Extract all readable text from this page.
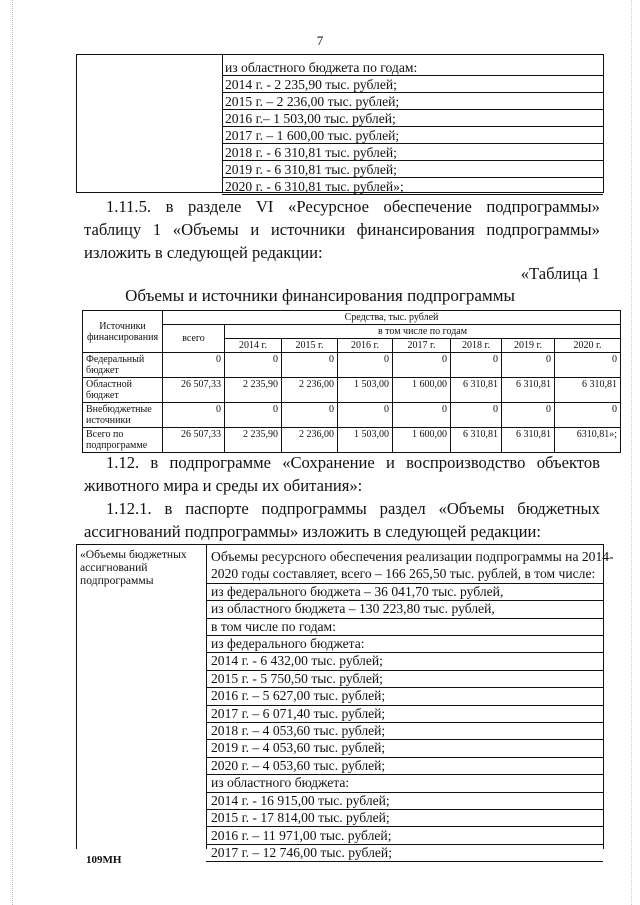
7
из областного бюджета по годам:
2014 г. - 2 235,90 тыс. рублей;
2015 г. – 2 236,00 тыс. рублей;
2016 г.– 1 503,00 тыс. рублей;
2017 г. – 1 600,00 тыс. рублей;
2018 г. - 6 310,81 тыс. рублей;
2019 г. - 6 310,81 тыс. рублей;
2020 г. - 6 310,81 тыс. рублей»;
1.11.5. в разделе VI «Ресурсное обеспечение подпрограммы»
таблицу 1 «Объемы и источники финансирования подпрограммы»
изложить в следующей редакции:
«Таблица 1
Объемы и источники финансирования подпрограммы
Источники финансирования	Средства, тыс. рублей							
	всего	в том числе по годам						
		2014 г.	2015 г.	2016 г.	2017 г.	2018 г.	2019 г.	2020 г.
Федеральный бюджет	0	0	0	0	0	0	0	0
Областной бюджет	26 507,33	2 235,90	2 236,00	1 503,00	1 600,00	6 310,81	6 310,81	6 310,81
Внебюджетные источники	0	0	0	0	0	0	0	0
Всего по подпрограмме	26 507,33	2 235,90	2 236,00	1 503,00	1 600,00	6 310,81	6 310,81	6310,81»;
1.12. в подпрограмме «Сохранение и воспроизводство объектов
животного мира и среды их обитания»:
1.12.1. в паспорте подпрограммы раздел «Объемы бюджетных
ассигнований подпрограммы» изложить в следующей редакции:
«Объемы бюджетных ассигнований подпрограммы
Объемы ресурсного обеспечения реализации подпрограммы на 2014-
2020 годы составляет, всего – 166 265,50 тыс. рублей, в том числе:
из федерального бюджета – 36 041,70 тыс. рублей,
из областного бюджета – 130 223,80 тыс. рублей,
в том числе по годам:
из федерального бюджета:
2014 г. - 6 432,00 тыс. рублей;
2015 г. - 5 750,50 тыс. рублей;
2016 г. – 5 627,00 тыс. рублей;
2017 г. – 6 071,40 тыс. рублей;
2018 г. – 4 053,60 тыс. рублей;
2019 г. – 4 053,60 тыс. рублей;
2020 г. – 4 053,60 тыс. рублей;
из областного бюджета:
2014 г. - 16 915,00 тыс. рублей;
2015 г. - 17 814,00 тыс. рублей;
2016 г. – 11 971,00 тыс. рублей;
2017 г. – 12 746,00 тыс. рублей;
109МН
